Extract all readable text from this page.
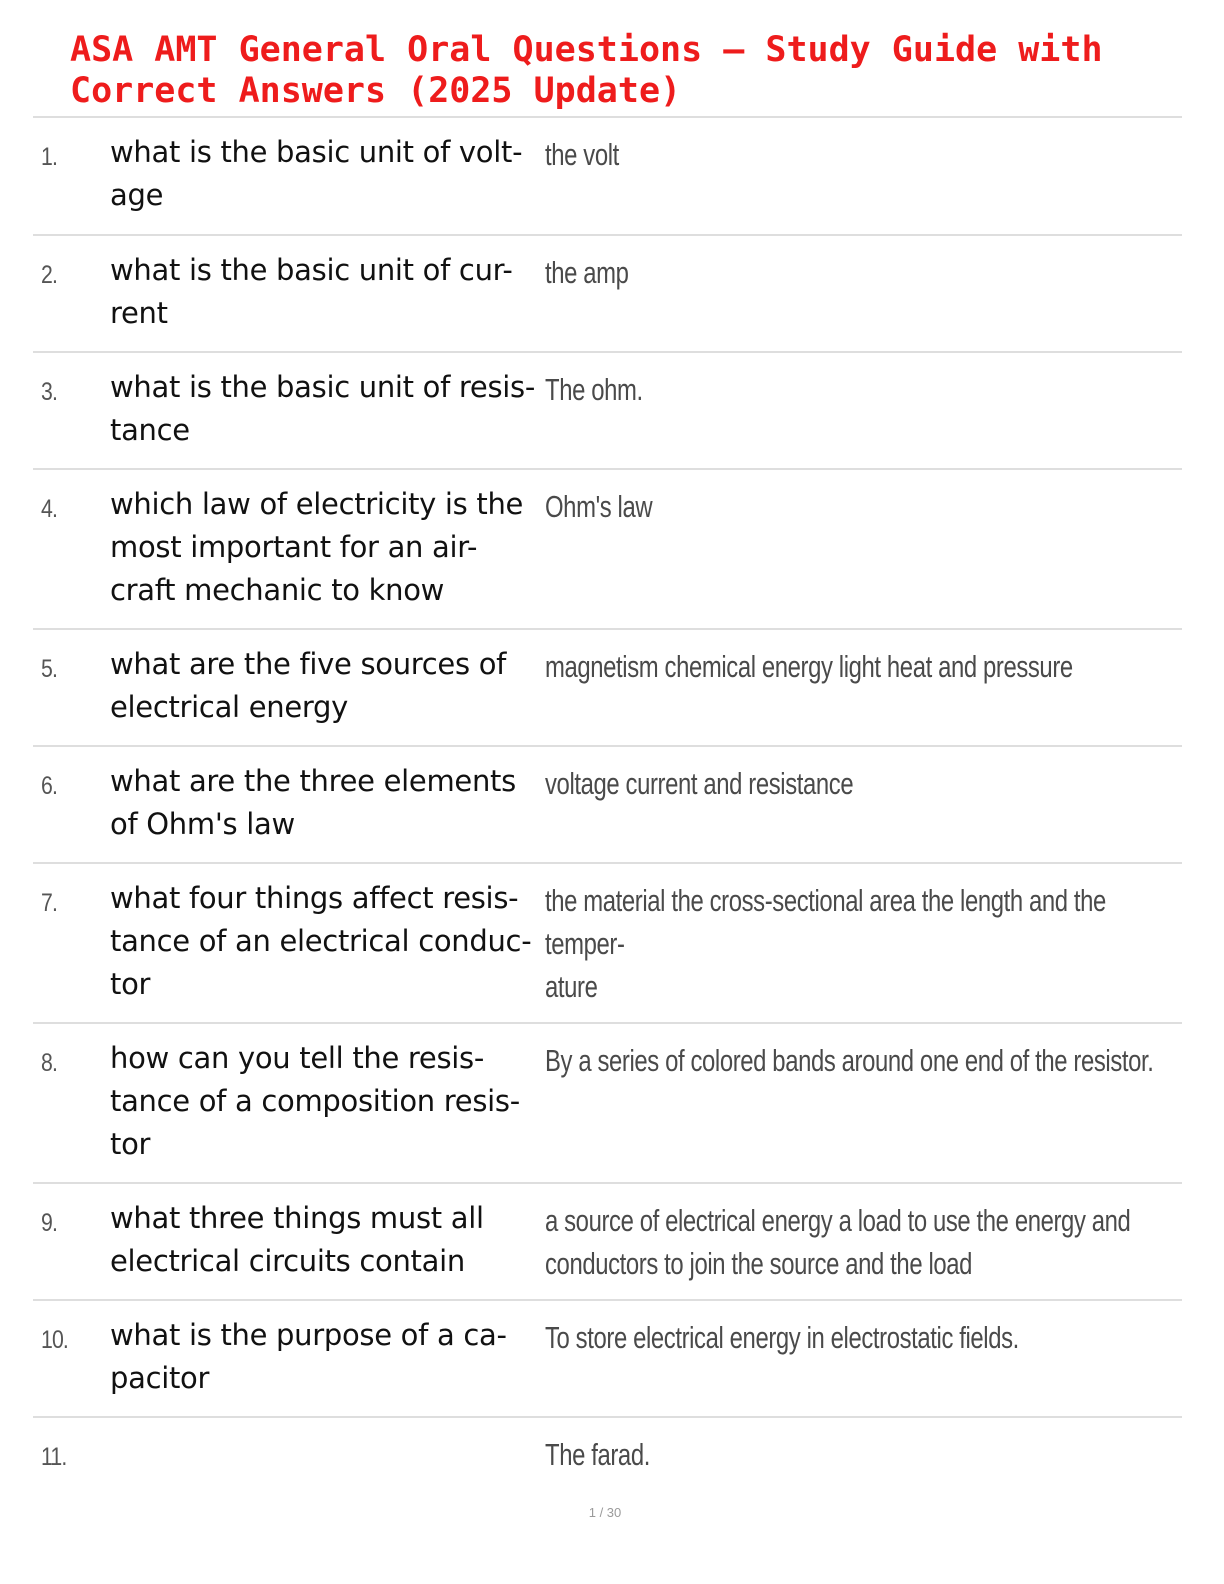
ASA AMT General Oral Questions – Study Guide with
Correct Answers (2025 Update)
1. what is the basic unit of volt-
age
the volt
2. what is the basic unit of cur-
rent
the amp
3. what is the basic unit of resis-
tance
The ohm.
4. which law of electricity is the
most important for an air-
craft mechanic to know
Ohm's law
5. what are the five sources of
electrical energy
magnetism chemical energy light heat and pressure
6. what are the three elements
of Ohm's law
voltage current and resistance
7. what four things affect resis-
tance of an electrical conduc-
tor
the material the cross-sectional area the length and the temper-
ature
8. how can you tell the resis-
tance of a composition resis-
tor
By a series of colored bands around one end of the resistor.
9. what three things must all
electrical circuits contain
a source of electrical energy a load to use the energy and
conductors to join the source and the load
10. what is the purpose of a ca-
pacitor
To store electrical energy in electrostatic fields.
11.	The farad.
1 / 30
